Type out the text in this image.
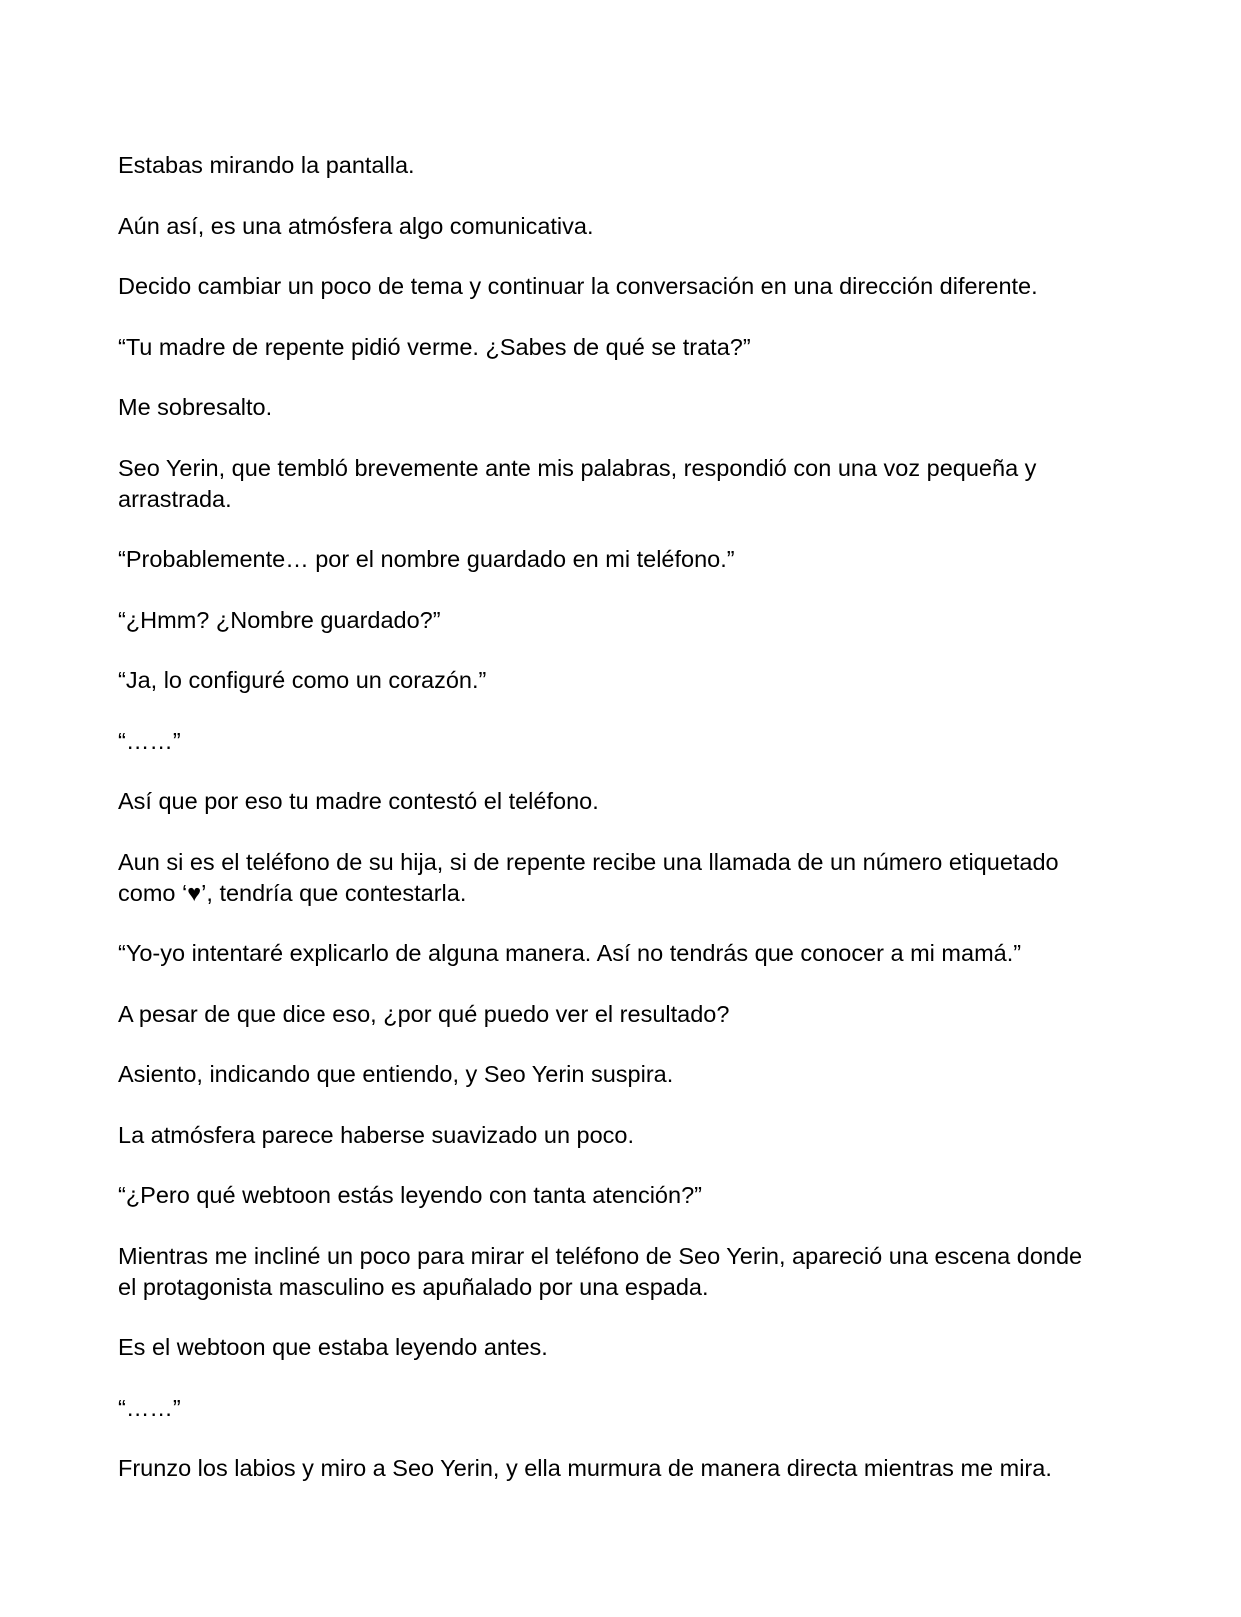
Estabas mirando la pantalla.

Aún así, es una atmósfera algo comunicativa.

Decido cambiar un poco de tema y continuar la conversación en una dirección diferente.

“Tu madre de repente pidió verme. ¿Sabes de qué se trata?”

Me sobresalto.

Seo Yerin, que tembló brevemente ante mis palabras, respondió con una voz pequeña y arrastrada.

“Probablemente… por el nombre guardado en mi teléfono.”

“¿Hmm? ¿Nombre guardado?”

“Ja, lo configuré como un corazón.”

“……”

Así que por eso tu madre contestó el teléfono.

Aun si es el teléfono de su hija, si de repente recibe una llamada de un número etiquetado como ‘♥’, tendría que contestarla.

“Yo-yo intentaré explicarlo de alguna manera. Así no tendrás que conocer a mi mamá.”

A pesar de que dice eso, ¿por qué puedo ver el resultado?

Asiento, indicando que entiendo, y Seo Yerin suspira.

La atmósfera parece haberse suavizado un poco.

“¿Pero qué webtoon estás leyendo con tanta atención?”

Mientras me incliné un poco para mirar el teléfono de Seo Yerin, apareció una escena donde el protagonista masculino es apuñalado por una espada.

Es el webtoon que estaba leyendo antes.

“……”

Frunzo los labios y miro a Seo Yerin, y ella murmura de manera directa mientras me mira.
